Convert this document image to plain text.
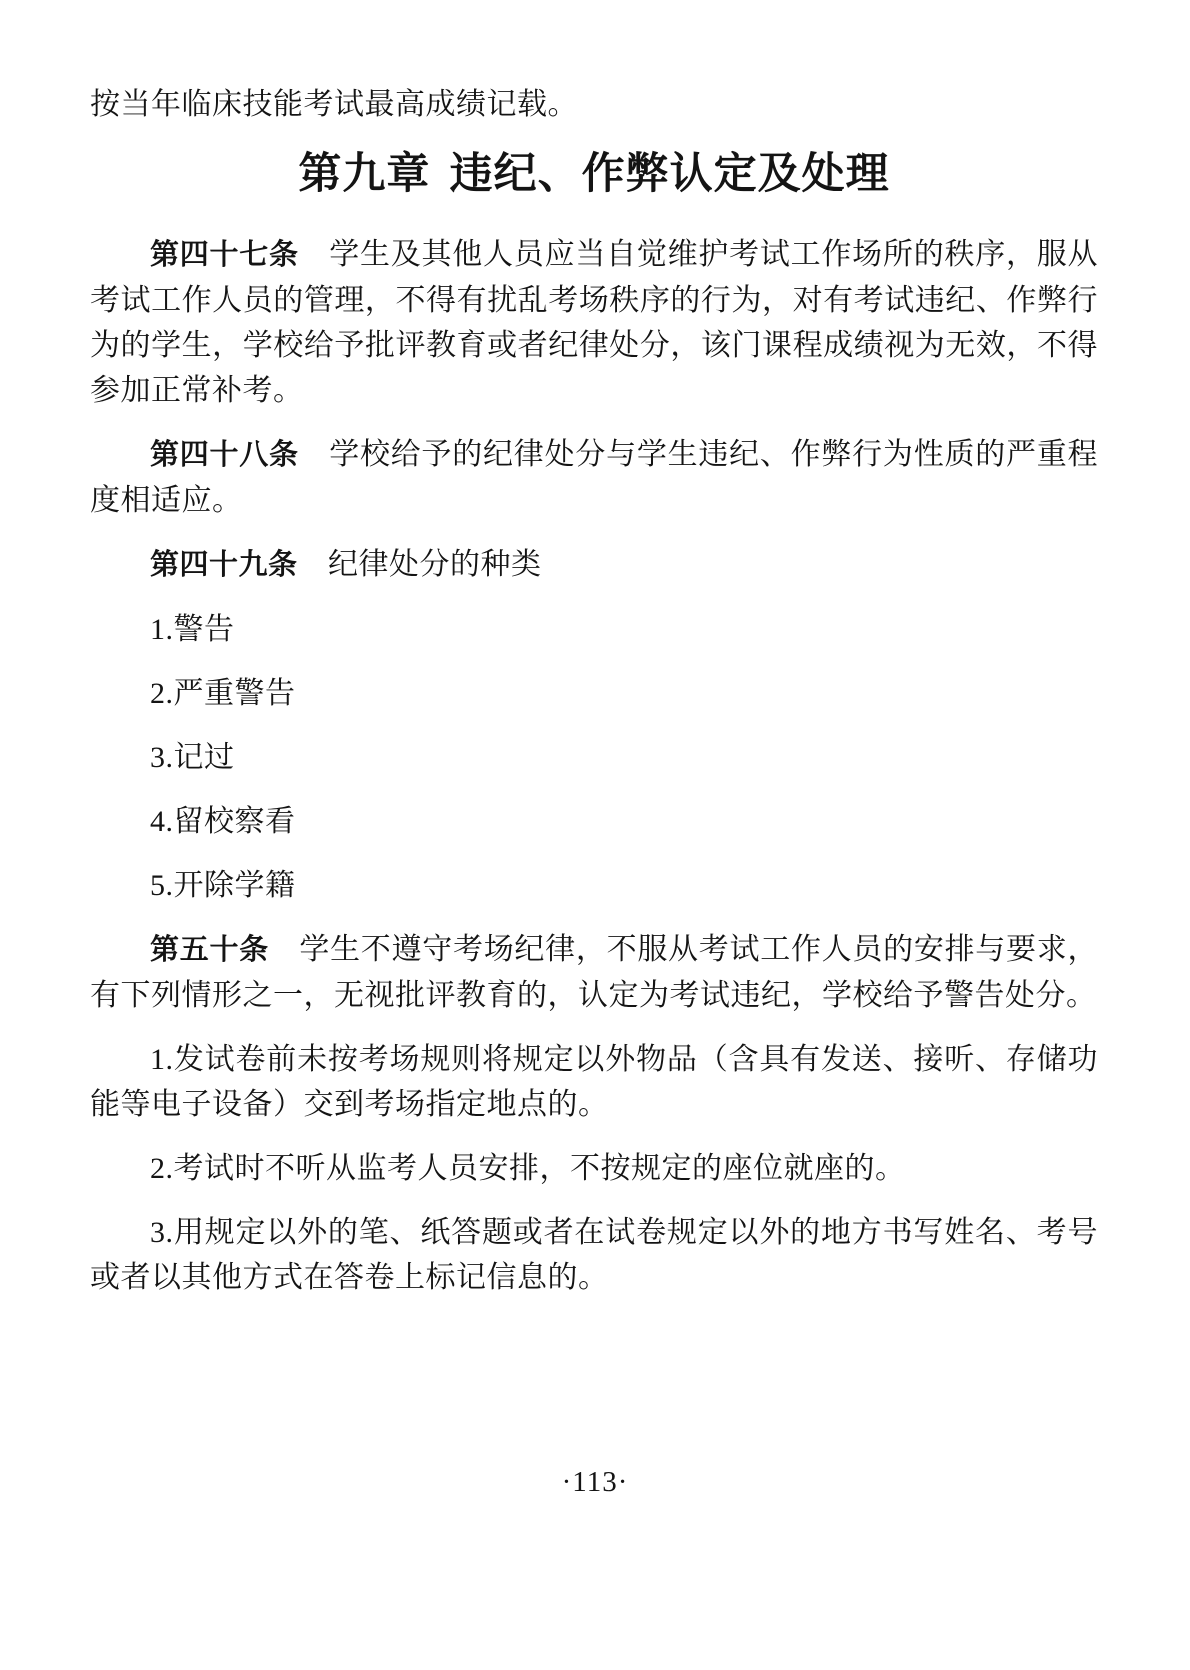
按当年临床技能考试最高成绩记载。

第九章 违纪、作弊认定及处理

第四十七条 学生及其他人员应当自觉维护考试工作场所的秩序，服从考试工作人员的管理，不得有扰乱考场秩序的行为，对有考试违纪、作弊行为的学生，学校给予批评教育或者纪律处分，该门课程成绩视为无效，不得参加正常补考。

第四十八条 学校给予的纪律处分与学生违纪、作弊行为性质的严重程度相适应。

第四十九条 纪律处分的种类

1.警告

2.严重警告

3.记过

4.留校察看

5.开除学籍

第五十条 学生不遵守考场纪律，不服从考试工作人员的安排与要求，有下列情形之一，无视批评教育的，认定为考试违纪，学校给予警告处分。

1.发试卷前未按考场规则将规定以外物品（含具有发送、接听、存储功能等电子设备）交到考场指定地点的。

2.考试时不听从监考人员安排，不按规定的座位就座的。

3.用规定以外的笔、纸答题或者在试卷规定以外的地方书写姓名、考号或者以其他方式在答卷上标记信息的。

·113·
